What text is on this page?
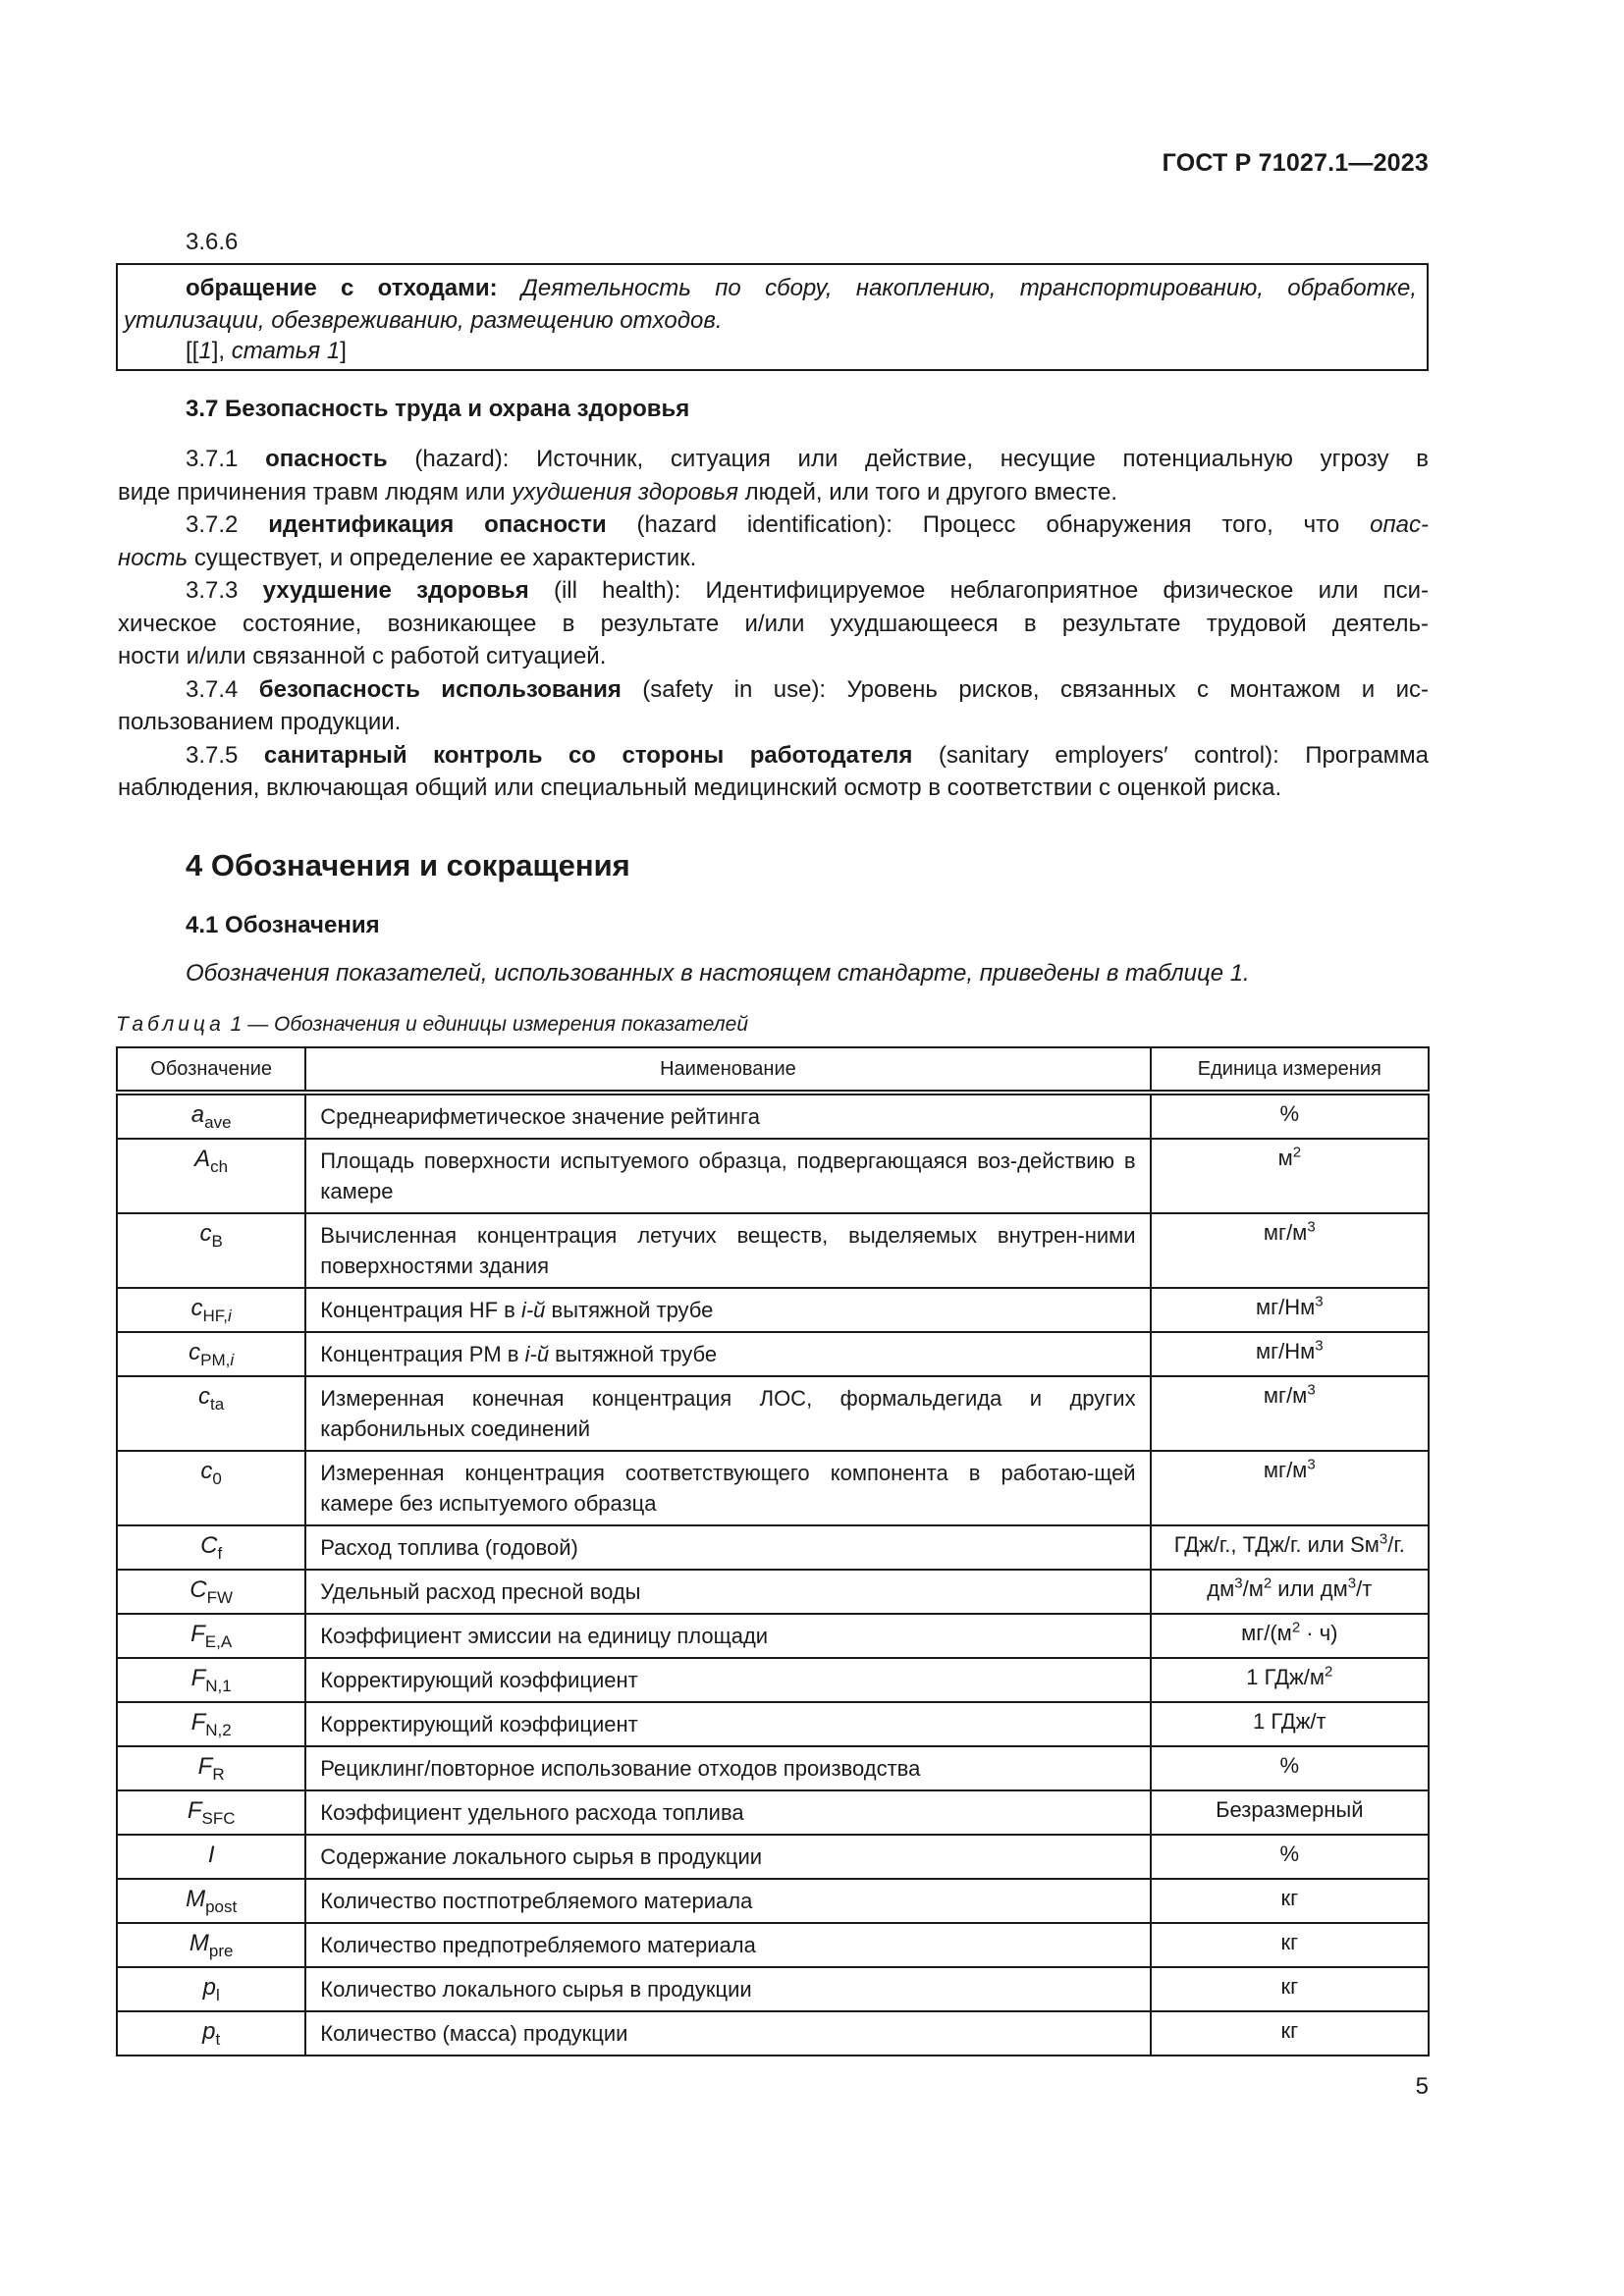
ГОСТ Р 71027.1—2023
3.6.6
обращение с отходами: Деятельность по сбору, накоплению, транспортированию, обработке,
утилизации, обезвреживанию, размещению отходов.
[[1], статья 1]
3.7 Безопасность труда и охрана здоровья
3.7.1 опасность (hazard): Источник, ситуация или действие, несущие потенциальную угрозу в
виде причинения травм людям или ухудшения здоровья людей, или того и другого вместе.
3.7.2 идентификация опасности (hazard identification): Процесс обнаружения того, что опас-
ность существует, и определение ее характеристик.
3.7.3 ухудшение здоровья (ill health): Идентифицируемое неблагоприятное физическое или пси-
хическое состояние, возникающее в результате и/или ухудшающееся в результате трудовой деятель-
ности и/или связанной с работой ситуацией.
3.7.4 безопасность использования (safety in use): Уровень рисков, связанных с монтажом и ис-
пользованием продукции.
3.7.5 санитарный контроль со стороны работодателя (sanitary employers′ control): Программа
наблюдения, включающая общий или специальный медицинский осмотр в соответствии с оценкой риска.
4 Обозначения и сокращения
4.1 Обозначения
Обозначения показателей, использованных в настоящем стандарте, приведены в таблице 1.
Таблица 1 — Обозначения и единицы измерения показателей
Обозначение	Наименование	Единица измерения
$a_{ave}$	Среднеарифметическое значение рейтинга	%
$A_{ch}$	Площадь поверхности испытуемого образца, подвергающаяся воз-действию в камере	$м^2$
$c_B$	Вычисленная концентрация летучих веществ, выделяемых внутрен-ними поверхностями здания	$мг/м^3$
$c_{HF,i}$	Концентрация HF в i-й вытяжной трубе	$мг/Нм^3$
$c_{PM,i}$	Концентрация PM в i-й вытяжной трубе	$мг/Нм^3$
$c_{ta}$	Измеренная конечная концентрация ЛОС, формальдегида и других карбонильных соединений	$мг/м^3$
$c_0$	Измеренная концентрация соответствующего компонента в работаю-щей камере без испытуемого образца	$мг/м^3$
$C_f$	Расход топлива (годовой)	ГДж/г., ТДж/г. или $Sм^3/г$.
$C_{FW}$	Удельный расход пресной воды	$дм^3/м^2$ или $дм^3/т$
$F_{E,A}$	Коэффициент эмиссии на единицу площади	$мг/(м^2 \cdot ч)$
$F_{N,1}$	Корректирующий коэффициент	1 ГДж/$м^2$
$F_{N,2}$	Корректирующий коэффициент	1 ГДж/т
$F_R$	Рециклинг/повторное использование отходов производства	%
$F_{SFC}$	Коэффициент удельного расхода топлива	Безразмерный
I	Содержание локального сырья в продукции	%
$M_{post}$	Количество постпотребляемого материала	кг
$M_{pre}$	Количество предпотребляемого материала	кг
$p_l$	Количество локального сырья в продукции	кг
$p_t$	Количество (масса) продукции	кг
5
